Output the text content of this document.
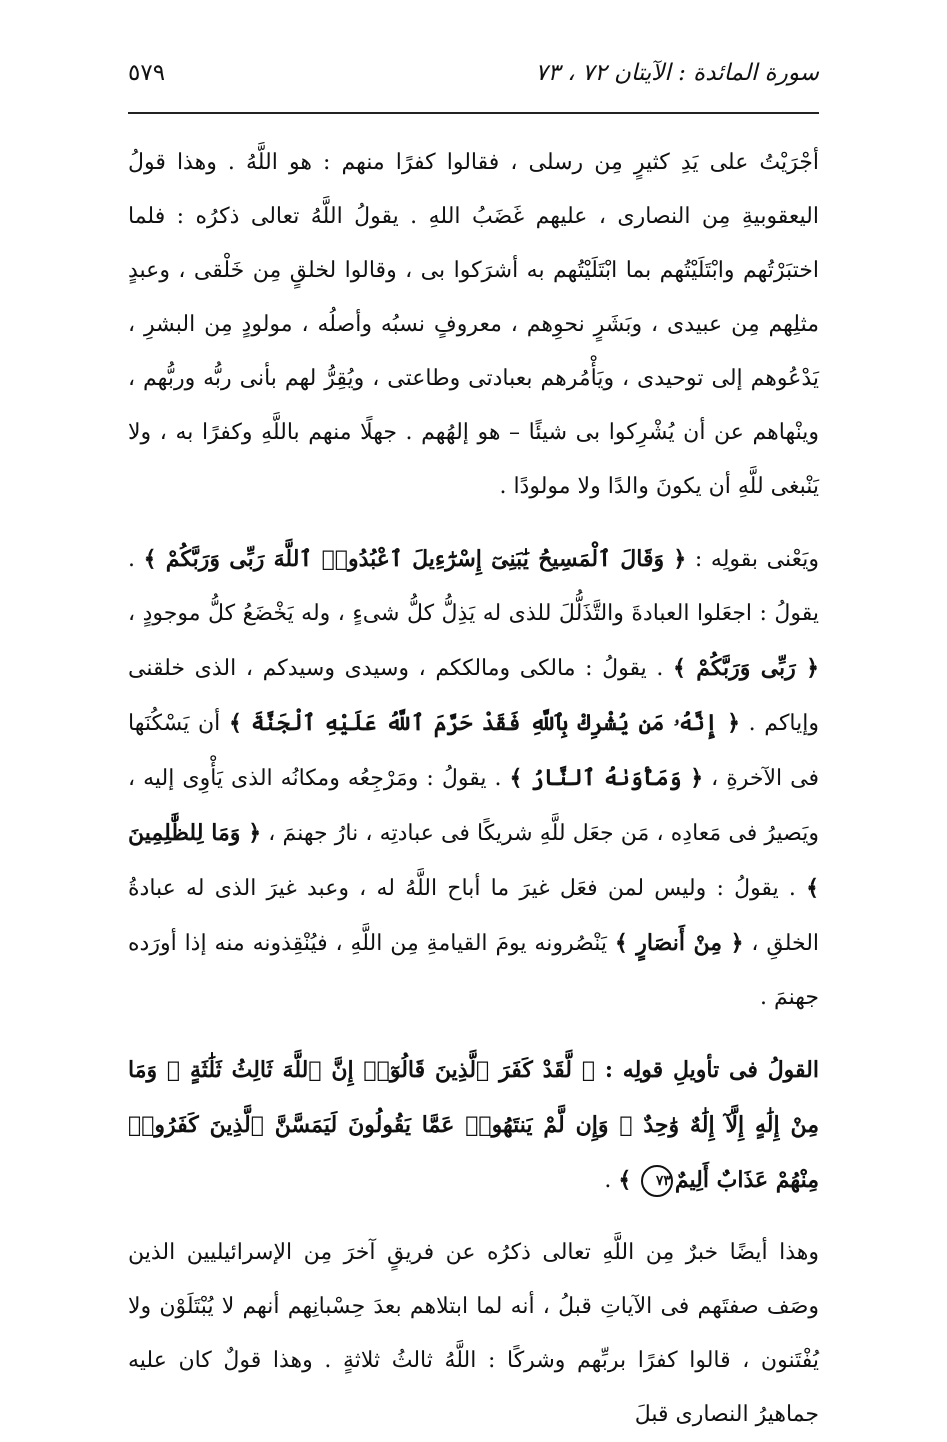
سورة المائدة : الآيتان ٧٢ ، ٧٣
٥٧٩

أجْرَيْتُ على يَدِ كثيرٍ مِن رسلى ، فقالوا كفرًا منهم : هو اللَّهُ . وهذا قولُ اليعقوبيةِ مِن النصارى ، عليهم غَضَبُ اللهِ . يقولُ اللَّهُ تعالى ذكرُه : فلما اختبَرْتُهم وابْتَلَيْتُهم بما ابْتَلَيْتُهم به أشرَكوا بى ، وقالوا لخلقٍ مِن خَلْقى ، وعبدٍ مثلِهم مِن عبيدى ، وبَشَرٍ نحوِهم ، معروفٍ نسبُه وأصلُه ، مولودٍ مِن البشرِ ، يَدْعُوهم إلى توحيدى ، ويَأْمُرهم بعبادتى وطاعتى ، ويُقِرُّ لهم بأنى ربُّه وربُّهم ، وينْهاهم عن أن يُشْرِكوا بى شيئًا – هو إلهُهم . جهلًا منهم باللَّهِ وكفرًا به ، ولا يَنْبغى للَّهِ أن يكونَ والدًا ولا مولودًا .

ويَعْنى بقولِه : ﴿ وَقَالَ ٱلْمَسِيحُ يَٰبَنِىٓ إِسْرَٰٓءِيلَ ٱعْبُدُوا۟ ٱللَّهَ رَبِّى وَرَبَّكُمْ ﴾ . يقولُ : اجعَلوا العبادةَ والتَّذَلُّلَ للذى له يَذِلُّ كلُّ شىءٍ ، وله يَخْضَعُ كلُّ موجودٍ ، ﴿ رَبِّى وَرَبَّكُمْ ﴾ . يقولُ : مالكى ومالككم ، وسيدى وسيدكم ، الذى خلقنى وإياكم . ﴿ إِنَّهُۥ مَن يُشْرِكْ بِٱللَّهِ فَقَدْ حَرَّمَ ٱللَّهُ عَلَيْهِ ٱلْجَنَّةَ ﴾ أن يَسْكُنَها فى الآخرةِ ، ﴿ وَمَأْوَىٰهُ ٱلنَّارُ ﴾ . يقولُ : ومَرْجِعُه ومكانُه الذى يَأْوِى إليه ، ويَصيرُ فى مَعادِه ، مَن جعَل للَّهِ شريكًا فى عبادتِه ، نارُ جهنمَ ، ﴿ وَمَا لِلظَّٰلِمِينَ ﴾ . يقولُ : وليس لمن فعَل غيرَ ما أباح اللَّهُ له ، وعبد غيرَ الذى له عبادةُ الخلقِ ، ﴿ مِنْ أَنصَارٍ ﴾ يَنْصُرونه يومَ القيامةِ مِن اللَّهِ ، فيُنْقِذونه منه إذا أورَده جهنمَ .

القولُ فى تأويلِ قولِه : ﴿ لَّقَدْ كَفَرَ ٱلَّذِينَ قَالُوٓا۟ إِنَّ ٱللَّهَ ثَالِثُ ثَلَٰثَةٍ ۘ وَمَا مِنْ إِلَٰهٍ إِلَّآ إِلَٰهٌ وَٰحِدٌ ۚ وَإِن لَّمْ يَنتَهُوا۟ عَمَّا يَقُولُونَ لَيَمَسَّنَّ ٱلَّذِينَ كَفَرُوا۟ مِنْهُمْ عَذَابٌ أَلِيمٌ٧٣ ﴾ .

وهذا أيضًا خبرٌ مِن اللَّهِ تعالى ذكرُه عن فريقٍ آخرَ مِن الإسرائيليين الذين وصَف صفتَهم فى الآياتِ قبلُ ، أنه لما ابتلاهم بعدَ حِسْبانِهم أنهم لا يُبْتَلَوْن ولا يُفْتَنون ، قالوا كفرًا بربِّهم وشركًا : اللَّهُ ثالثُ ثلاثةٍ . وهذا قولٌ كان عليه جماهيرُ النصارى قبلَ
